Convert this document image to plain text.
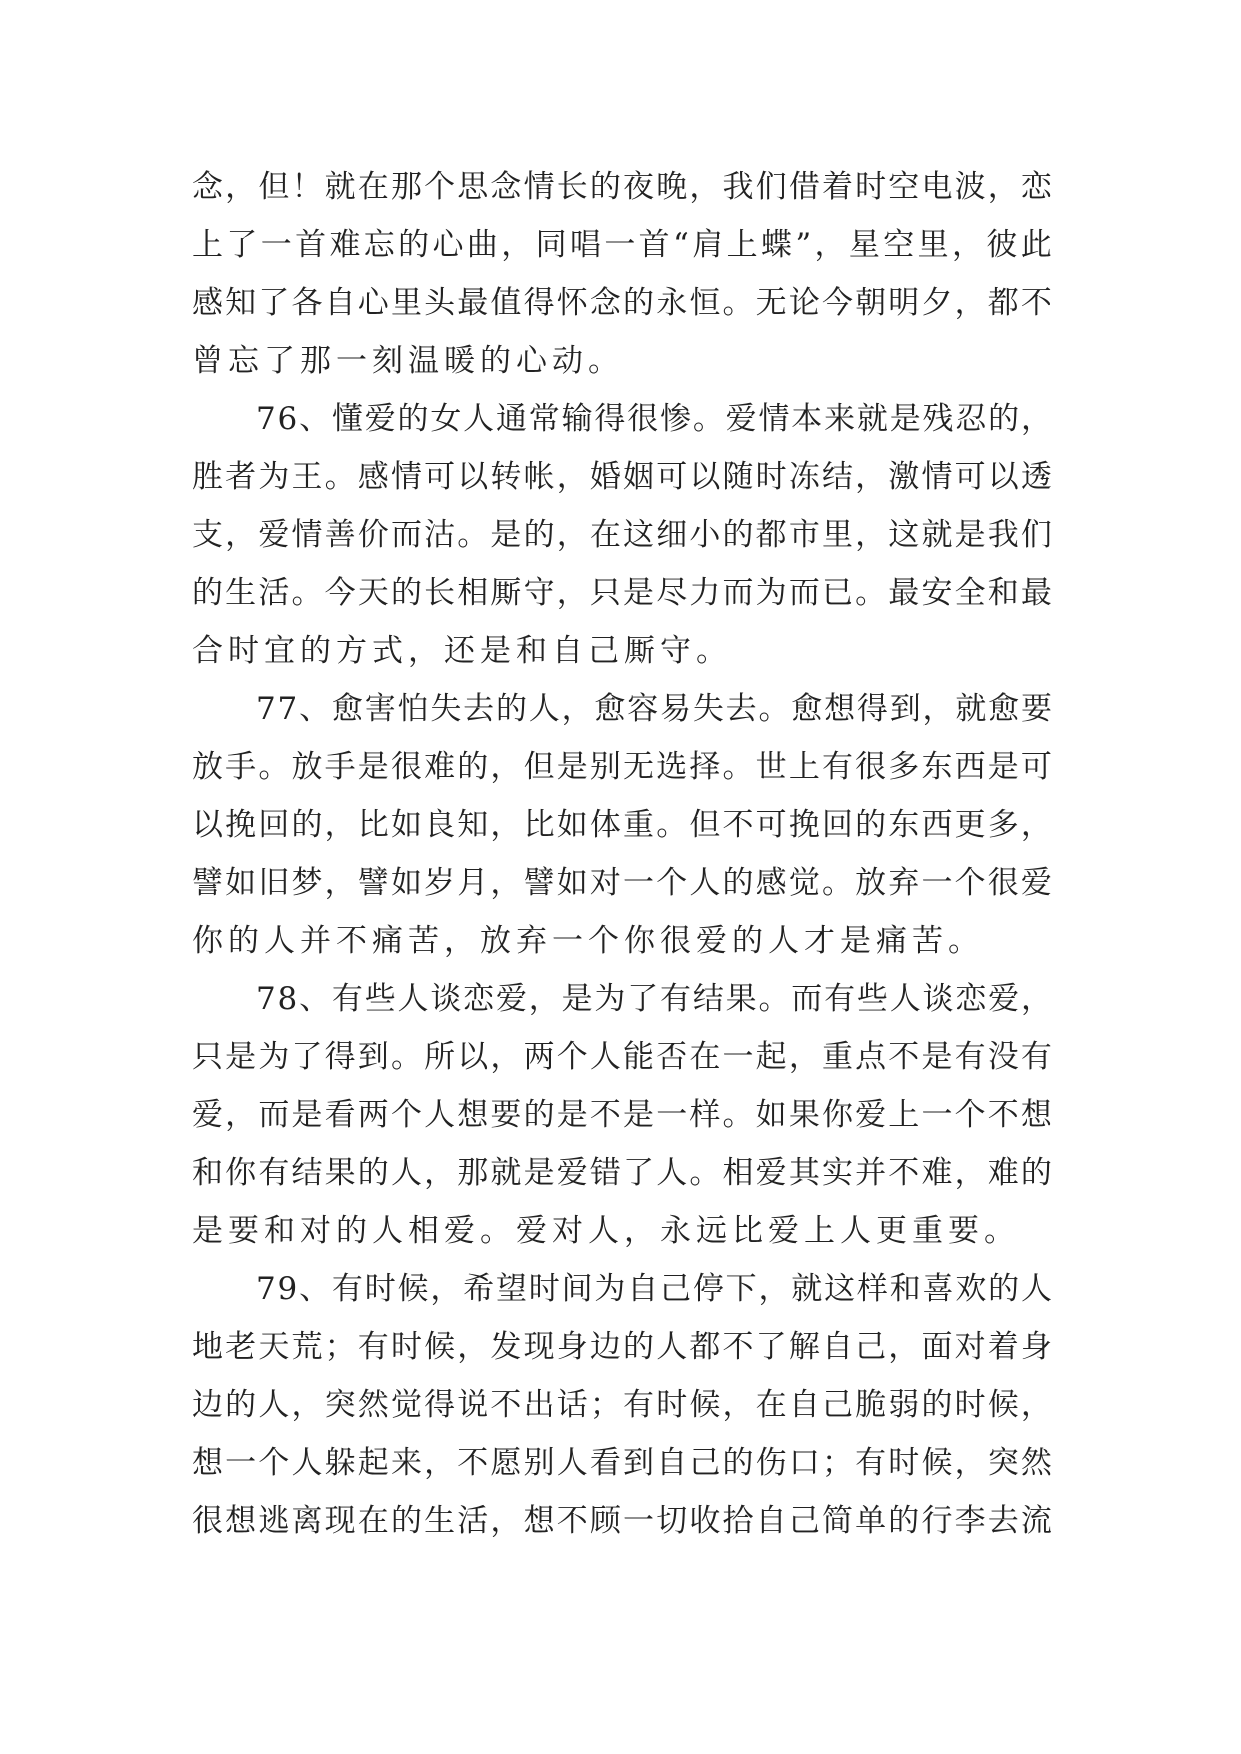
念 ， 但 ！ 就 在 那 个 思 念 情 长 的 夜 晚 ， 我 们 借 着 时 空 电 波 ， 恋
上 了 一 首 难 忘 的 心 曲 ， 同 唱 一 首 “ 肩 上 蝶 ” ， 星 空 里 ， 彼 此
感 知 了 各 自 心 里 头 最 值 得 怀 念 的 永 恒 。 无 论 今 朝 明 夕 ， 都 不
曾忘了那一刻温暖的心动。
7 6 、 懂 爱 的 女 人 通 常 输 得 很 惨 。 爱 情 本 来 就 是 残 忍 的 ，
胜 者 为 王 。 感 情 可 以 转 帐 ， 婚 姻 可 以 随 时 冻 结 ， 激 情 可 以 透
支 ， 爱 情 善 价 而 沽 。 是 的 ， 在 这 细 小 的 都 市 里 ， 这 就 是 我 们
的 生 活 。 今 天 的 长 相 厮 守 ， 只 是 尽 力 而 为 而 已 。 最 安 全 和 最
合时宜的方式，还是和自己厮守。
7 7 、 愈 害 怕 失 去 的 人 ， 愈 容 易 失 去 。 愈 想 得 到 ， 就 愈 要
放 手 。 放 手 是 很 难 的 ， 但 是 别 无 选 择 。 世 上 有 很 多 东 西 是 可
以 挽 回 的 ， 比 如 良 知 ， 比 如 体 重 。 但 不 可 挽 回 的 东 西 更 多 ，
譬 如 旧 梦 ， 譬 如 岁 月 ， 譬 如 对 一 个 人 的 感 觉 。 放 弃 一 个 很 爱
你的人并不痛苦，放弃一个你很爱的人才是痛苦。
7 8 、 有 些 人 谈 恋 爱 ， 是 为 了 有 结 果 。 而 有 些 人 谈 恋 爱 ，
只 是 为 了 得 到 。 所 以 ， 两 个 人 能 否 在 一 起 ， 重 点 不 是 有 没 有
爱 ， 而 是 看 两 个 人 想 要 的 是 不 是 一 样 。 如 果 你 爱 上 一 个 不 想
和 你 有 结 果 的 人 ， 那 就 是 爱 错 了 人 。 相 爱 其 实 并 不 难 ， 难 的
是要和对的人相爱。爱对人，永远比爱上人更重要。
7 9 、 有 时 候 ， 希 望 时 间 为 自 己 停 下 ， 就 这 样 和 喜 欢 的 人
地 老 天 荒 ； 有 时 候 ， 发 现 身 边 的 人 都 不 了 解 自 己 ， 面 对 着 身
边 的 人 ， 突 然 觉 得 说 不 出 话 ； 有 时 候 ， 在 自 己 脆 弱 的 时 候 ，
想 一 个 人 躲 起 来 ， 不 愿 别 人 看 到 自 己 的 伤 口 ； 有 时 候 ， 突 然
很 想 逃 离 现 在 的 生 活 ， 想 不 顾 一 切 收 拾 自 己 简 单 的 行 李 去 流
